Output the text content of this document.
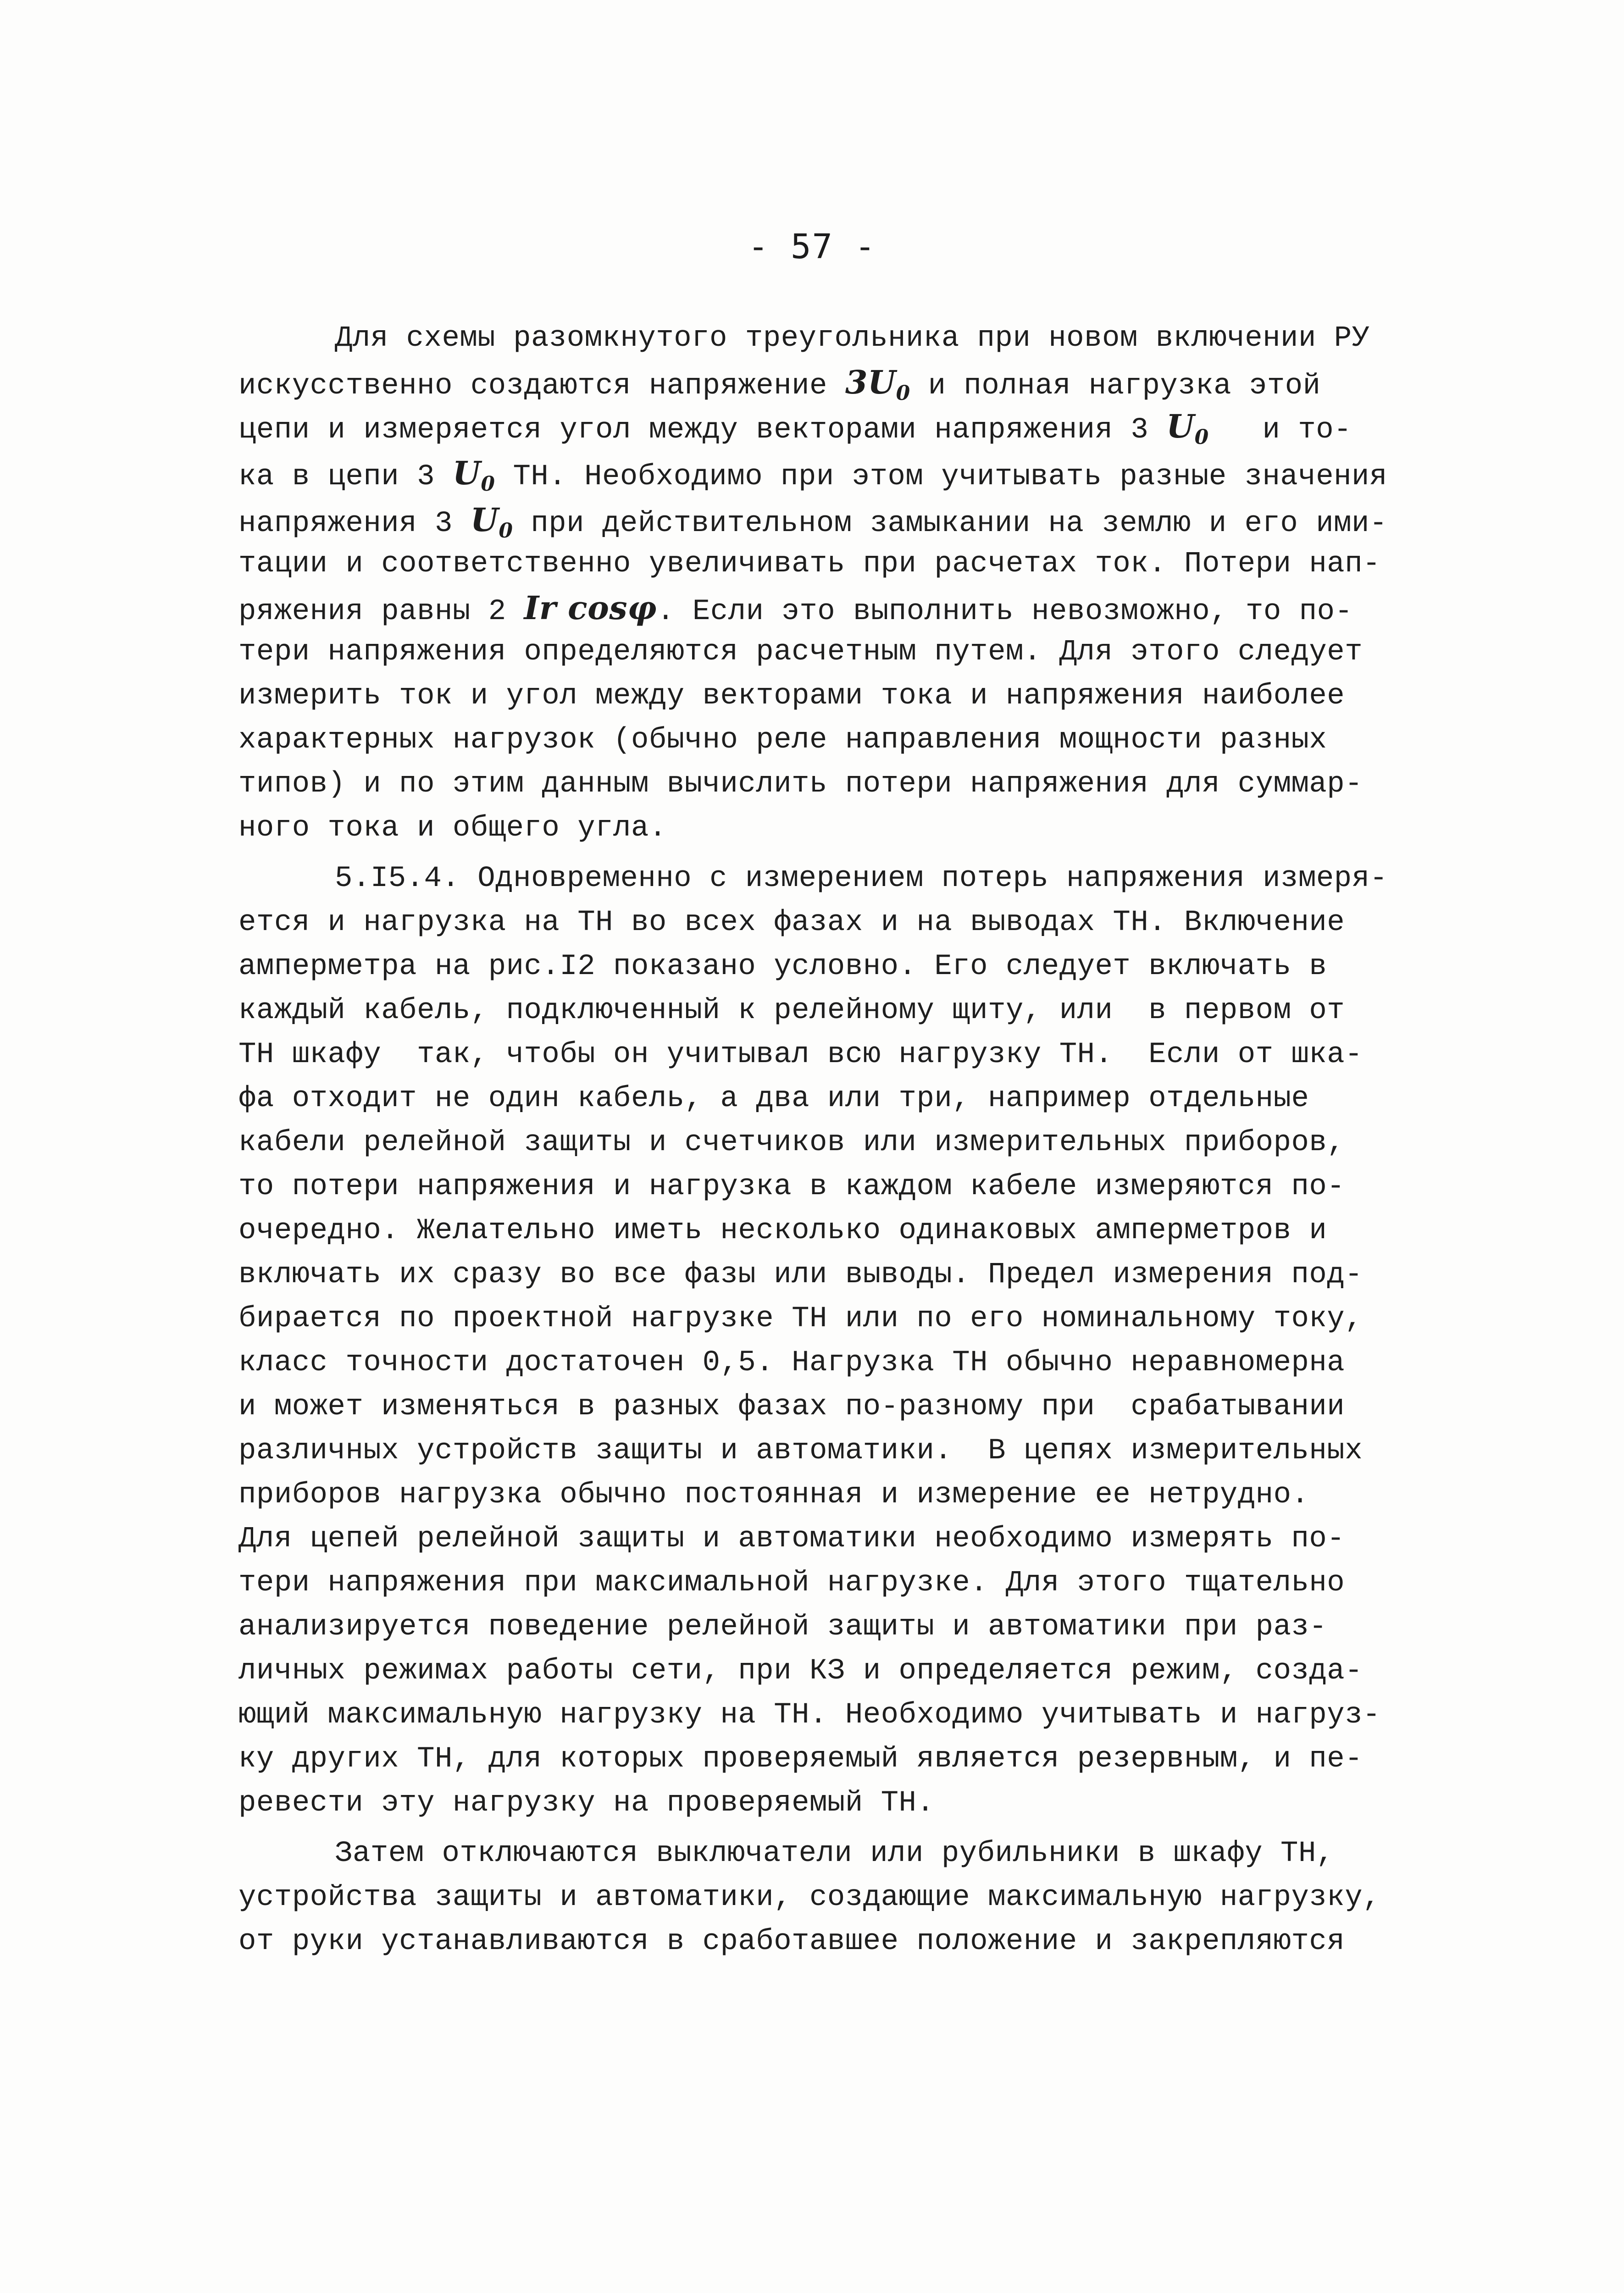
- 57 -
Для схемы разомкнутого треугольника при новом включении РУ
искусственно создаются напряжение $3U_0$ и полная нагрузка этой
цепи и измеряется угол между векторами напряжения 3 $U_0$   и то-
ка в цепи 3 $U_0$ ТН. Необходимо при этом учитывать разные значения
напряжения 3 $U_0$ при действительном замыкании на землю и его ими-
тации и соответственно увеличивать при расчетах ток. Потери нап-
ряжения равны 2 Ir cosφ. Если это выполнить невозможно, то по-
тери напряжения определяются расчетным путем. Для этого следует
измерить ток и угол между векторами тока и напряжения наиболее
характерных нагрузок (обычно реле направления мощности разных
типов) и по этим данным вычислить потери напряжения для суммар-
ного тока и общего угла.
5.I5.4. Одновременно с измерением потерь напряжения измеря-
ется и нагрузка на ТН во всех фазах и на выводах ТН. Включение
амперметра на рис.I2 показано условно. Его следует включать в
каждый кабель, подключенный к релейному щиту, или  в первом от
ТН шкафу  так, чтобы он учитывал всю нагрузку ТН.  Если от шка-
фа отходит не один кабель, а два или три, например отдельные
кабели релейной защиты и счетчиков или измерительных приборов,
то потери напряжения и нагрузка в каждом кабеле измеряются по-
очередно. Желательно иметь несколько одинаковых амперметров и
включать их сразу во все фазы или выводы. Предел измерения под-
бирается по проектной нагрузке ТН или по его номинальному току,
класс точности достаточен 0,5. Нагрузка ТН обычно неравномерна
и может изменяться в разных фазах по-разному при  срабатывании
различных устройств защиты и автоматики.  В цепях измерительных
приборов нагрузка обычно постоянная и измерение ее нетрудно.
Для цепей релейной защиты и автоматики необходимо измерять по-
тери напряжения при максимальной нагрузке. Для этого тщательно
анализируется поведение релейной защиты и автоматики при раз-
личных режимах работы сети, при КЗ и определяется режим, созда-
ющий максимальную нагрузку на ТН. Необходимо учитывать и нагруз-
ку других ТН, для которых проверяемый является резервным, и пе-
ревести эту нагрузку на проверяемый ТН.
Затем отключаются выключатели или рубильники в шкафу ТН,
устройства защиты и автоматики, создающие максимальную нагрузку,
от руки устанавливаются в сработавшее положение и закрепляются
